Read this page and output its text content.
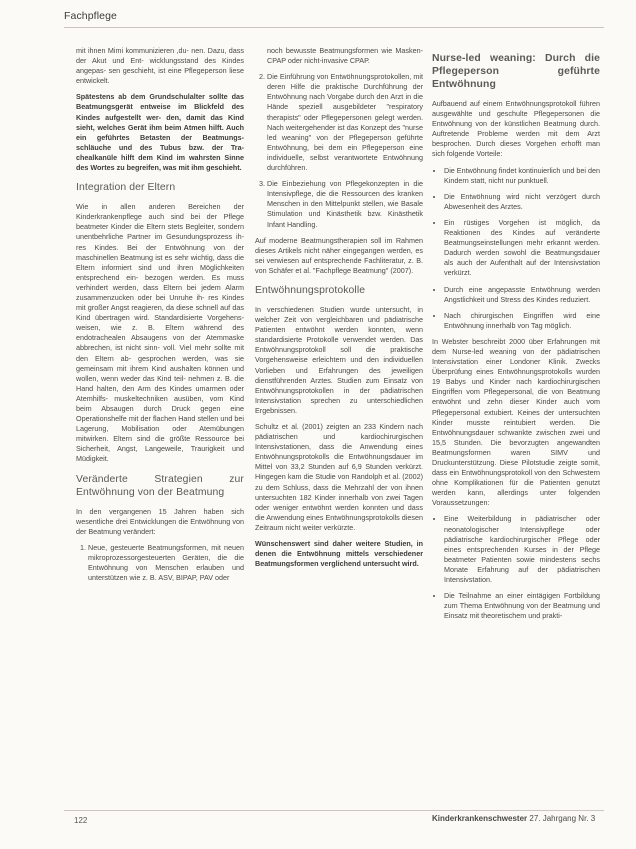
Fachpflege

mit ihnen Mimi kommunizieren ,du- nen. Dazu, dass der Akut und Ent- wicklungsstand des Kindes angepas- sen geschieht, ist eine Pflegeperson liese entwickelt.

Spätestens ab dem Grundschulalter sollte das Beatmungsgerät entweise im Blickfeld des Kindes aufgestellt wer- den, damit das Kind sieht, welches Gerät ihm beim Atmen hilft. Auch ein geführtes Betasten der Beatmungs- schläuche und des Tubus bzw. der Tra- chealkanüle hilft dem Kind im wahrsten Sinne des Wortes zu begreifen, was mit ihm geschieht.

Integration der Eltern

Wie in allen anderen Bereichen der Kinderkrankenpflege auch sind bei der Pflege beatmeter Kinder die Eltern stets Begleiter, sondern unentbehrliche Partner im Gesundungsprozess ih- res Kindes. Bei der Entwöhnung von der maschinellen Beatmung ist es sehr wichtig, dass die Eltern informiert sind und ihren Möglichkeiten entsprechend ein- bezogen werden. Es muss verhindert werden, dass Eltern bei jedem Alarm zusammenzucken oder bei Unruhe ih- res Kindes mit großer Angst reagieren, da diese schnell auf das Kind übertragen wird. Standardisierte Vorgehens- weisen, wie z. B. Eltern während des endotrachealen Absaugens von der Atemmaske abbrechen, ist nicht sinn- voll. Viel mehr sollte mit den Eltern ab- gesprochen werden, was sie gemeinsam mit ihrem Kind aushalten können und wollen, wenn weder das Kind teil- nehmen z. B. die Hand halten, den Arm des Kindes umarmen oder Atemhilfs- muskeltechniken ausüben, vom Kind beim Absaugen durch Druck gegen eine Operationshelfe mit der flachen Hand stellen und bei Lagerung, Mobilisation oder Atemübungen mitwirken. Eltern sind die größte Ressource bei Sicherheit, Angst, Langeweile, Traurigkeit und Müdigkeit.

Veränderte Strategien zur Entwöhnung von der Beatmung

In den vergangenen 15 Jahren haben sich wesentliche drei Entwicklungen die Entwöhnung von der Beatmung verändert:

1. Neue, gesteuerte Beatmungsformen, mit neuen mikroprozessorgesteuerten Geräten, die die Entwöhnung von Menschen erlauben und unterstützen wie z. B. ASV, BIPAP, PAV oder

noch bewusste Beatmungsformen wie Masken-CPAP oder nicht-invasive CPAP.

2. Die Einführung von Entwöhnungsprotokollen, mit deren Hilfe die praktische Durchführung der Entwöhnung nach Vorgabe durch den Arzt in die Hände speziell ausgebildeter "respiratory therapists" oder Pflegepersonen gelegt werden. Nach weitergehender ist das Konzept des "nurse led weaning" von der Pflegeperson geführte Entwöhnung, bei dem ein Pflegeperson eine individuelle, selbst verantwortete Entwöhnung durchführen.
3. Die Einbeziehung von Pflegekonzepten in die Intensivpflege, die die Ressourcen des kranken Menschen in den Mittelpunkt stellen, wie Basale Stimulation und Kinästhetik bzw. Kinästhetik Infant Handling.

Auf moderne Beatmungstherapien soll im Rahmen dieses Artikels nicht näher eingegangen werden, es sei verwiesen auf entsprechende Fachliteratur, z. B. von Schäfer et al. "Fachpflege Beatmung" (2007).

Entwöhnungsprotokolle

In verschiedenen Studien wurde untersucht, in welcher Zeit von vergleichbaren und pädiatrische Patienten entwöhnt werden konnten, wenn standardisierte Protokolle verwendet werden. Das Entwöhnungsprotokoll soll die praktische Vorgehensweise erleichtern und den individuellen Vorlieben und Erfahrungen des jeweiligen dienstführenden Arztes. Studien zum Einsatz von Entwöhnungsprotokollen in der pädiatrischen Intensivstation sprechen zu unterschiedlichen Ergebnissen.

Schultz et al. (2001) zeigten an 233 Kindern nach pädiatrischen und kardiochirurgischen Intensivstationen, dass die Anwendung eines Entwöhnungsprotokolls die Entwöhnungsdauer im Mittel von 33,2 Stunden auf 6,9 Stunden verkürzt. Hingegen kam die Studie von Randolph et al. (2002) zu dem Schluss, dass die Mehrzahl der von ihnen untersuchten 182 Kinder innerhalb von zwei Tagen oder weniger entwöhnt werden konnten und dass die Anwendung eines Entwöhnungsprotokolls diesen Zeitraum nicht weiter verkürzte.

Wünschenswert sind daher weitere Studien, in denen die Entwöhnung mittels verschiedener Beatmungsformen verglichend untersucht wird.

Nurse-led weaning: Durch die Pflegeperson geführte Entwöhnung

Aufbauend auf einem Entwöhnungsprotokoll führen ausgewählte und geschulte Pflegepersonen die Entwöhnung von der künstlichen Beatmung durch. Auftretende Probleme werden mit dem Arzt besprochen. Durch dieses Vorgehen erhofft man sich folgende Vorteile:

• Die Entwöhnung findet kontinuierlich und bei den Kindern statt, nicht nur punktuell.
• Die Entwöhnung wird nicht verzögert durch Abwesenheit des Arztes.
• Ein rüstiges Vorgehen ist möglich, da Reaktionen des Kindes auf veränderte Beatmungseinstellungen mehr erkannt werden. Dadurch werden sowohl die Beatmungsdauer als auch der Aufenthalt auf der Intensivstation verkürzt.
• Durch eine angepasste Entwöhnung werden Angstlichkeit und Stress des Kindes reduziert.
• Nach chirurgischen Eingriffen wird eine Entwöhnung innerhalb von Tag möglich.

In Webster beschreibt 2000 über Erfahrungen mit dem Nurse-led weaning von der pädiatrischen Intensivstation einer Londoner Klinik. Zwecks Überprüfung eines Entwöhnungsprotokolls wurden 19 Babys und Kinder nach kardiochirurgischen Eingriffen vom Pflegepersonal, die von Beatmung entwöhnt und zehn dieser Kinder auch vom Pflegepersonal extubiert. Keines der untersuchten Kinder musste reintubiert werden. Die Entwöhnungsdauer schwankte zwischen zwei und 15,5 Stunden. Die bevorzugten angewandten Beatmungsformen waren SIMV und Druckunterstützung. Diese Pilotstudie zeigte somit, dass ein Entwöhnungsprotokoll von den Schwestern ohne Komplikationen für die Patienten genutzt werden kann, allerdings unter folgenden Voraussetzungen:

• Eine Weiterbildung in pädiatrischer oder neonatologischer Intensivpflege oder pädiatrische kardiochirurgischer Pflege oder eines entsprechenden Kurses in der Pflege beatmeter Patienten sowie mindestens sechs Monate Erfahrung auf der pädiatrischen Intensivstation.
• Die Teilnahme an einer eintägigen Fortbildung zum Thema Entwöhnung von der Beatmung und Einsatz mit theoretischem und prakti-
122	Kinderkrankenschwester 27. Jahrgang Nr. 3
